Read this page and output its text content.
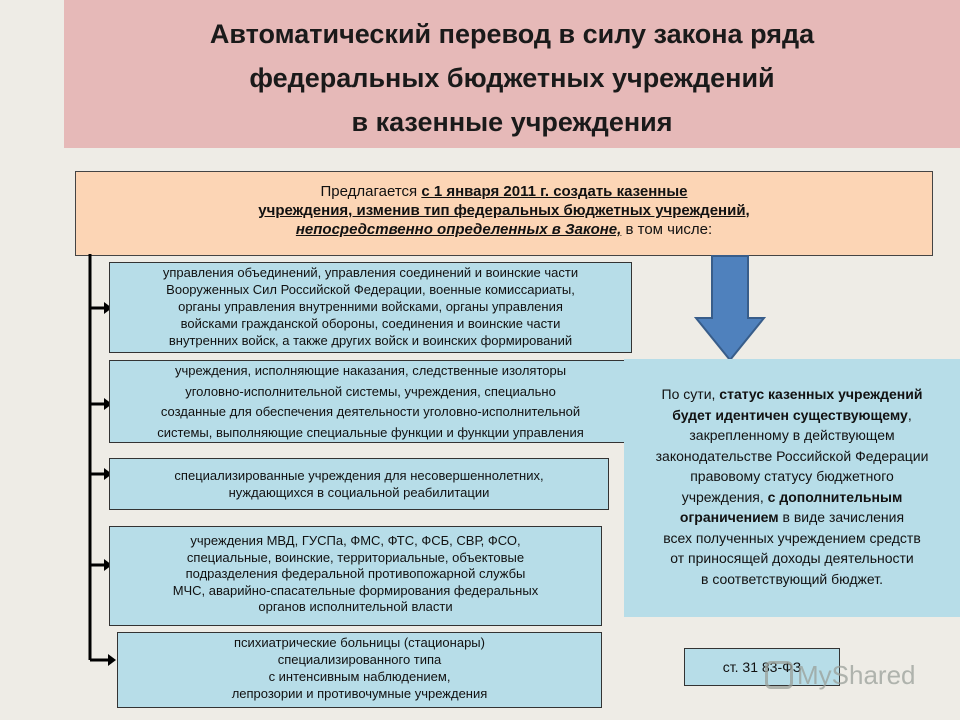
Автоматический перевод в силу закона ряда
федеральных бюджетных учреждений
в казенные учреждения
Предлагается с 1 января 2011 г. создать казенные
учреждения, изменив тип федеральных бюджетных учреждений,
непосредственно определенных в Законе, в том числе:
управления объединений, управления соединений и воинские части
Вооруженных Сил Российской Федерации, военные комиссариаты,
органы управления внутренними войсками, органы управления
войсками гражданской обороны, соединения и воинские части
внутренних войск, а также других войск и воинских формирований
учреждения, исполняющие наказания, следственные изоляторы
уголовно-исполнительной системы, учреждения, специально
созданные для обеспечения деятельности уголовно-исполнительной
системы, выполняющие специальные функции и функции управления
специализированные учреждения для несовершеннолетних,
нуждающихся в социальной реабилитации
учреждения МВД, ГУСПа, ФМС, ФТС, ФСБ, СВР, ФСО,
специальные, воинские, территориальные, объектовые
подразделения федеральной противопожарной службы
МЧС, аварийно-спасательные формирования федеральных
органов исполнительной власти
психиатрические больницы (стационары)
специализированного типа
с интенсивным наблюдением,
лепрозории и противочумные учреждения
По сути, статус казенных учреждений
будет идентичен существующему,
закрепленному в действующем
законодательстве Российской Федерации
правовому статусу бюджетного
учреждения, с дополнительным
ограничением в виде зачисления
всех полученных учреждением средств
от приносящей доходы деятельности
в соответствующий бюджет.
ст. 31 83-ФЗ
MyShared
